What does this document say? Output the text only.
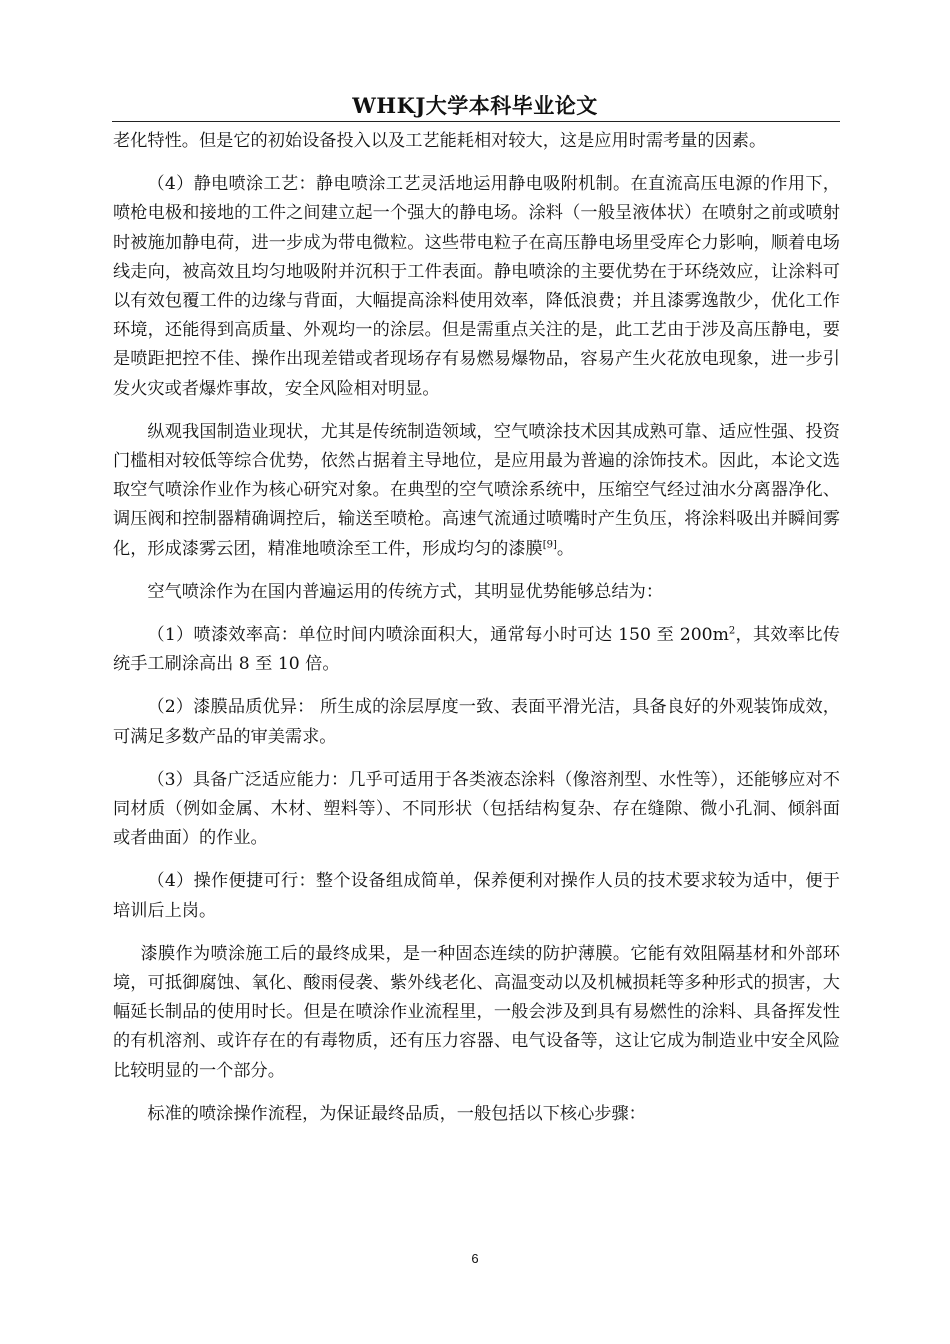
WHKJ大学本科毕业论文

老化特性。但是它的初始设备投入以及工艺能耗相对较大，这是应用时需考量的因素。

（4）静电喷涂工艺：静电喷涂工艺灵活地运用静电吸附机制。在直流高压电源的作用下，喷枪电极和接地的工件之间建立起一个强大的静电场。涂料（一般呈液体状）在喷射之前或喷射时被施加静电荷，进一步成为带电微粒。这些带电粒子在高压静电场里受库仑力影响，顺着电场线走向，被高效且均匀地吸附并沉积于工件表面。静电喷涂的主要优势在于环绕效应，让涂料可以有效包覆工件的边缘与背面，大幅提高涂料使用效率，降低浪费；并且漆雾逸散少，优化工作环境，还能得到高质量、外观均一的涂层。但是需重点关注的是，此工艺由于涉及高压静电，要是喷距把控不佳、操作出现差错或者现场存有易燃易爆物品，容易产生火花放电现象，进一步引发火灾或者爆炸事故，安全风险相对明显。

纵观我国制造业现状，尤其是传统制造领域，空气喷涂技术因其成熟可靠、适应性强、投资门槛相对较低等综合优势，依然占据着主导地位，是应用最为普遍的涂饰技术。因此，本论文选取空气喷涂作业作为核心研究对象。在典型的空气喷涂系统中，压缩空气经过油水分离器净化、调压阀和控制器精确调控后，输送至喷枪。高速气流通过喷嘴时产生负压，将涂料吸出并瞬间雾化，形成漆雾云团，精准地喷涂至工件，形成均匀的漆膜[9]。

空气喷涂作为在国内普遍运用的传统方式，其明显优势能够总结为：

（1）喷漆效率高：单位时间内喷涂面积大，通常每小时可达 150 至 $200m^2$，其效率比传统手工刷涂高出 8 至 10 倍。

（2）漆膜品质优异： 所生成的涂层厚度一致、表面平滑光洁，具备良好的外观装饰成效，可满足多数产品的审美需求。

（3）具备广泛适应能力：几乎可适用于各类液态涂料（像溶剂型、水性等），还能够应对不同材质（例如金属、木材、塑料等）、不同形状（包括结构复杂、存在缝隙、微小孔洞、倾斜面或者曲面）的作业。

（4）操作便捷可行：整个设备组成简单，保养便利对操作人员的技术要求较为适中，便于培训后上岗。

漆膜作为喷涂施工后的最终成果，是一种固态连续的防护薄膜。它能有效阻隔基材和外部环境，可抵御腐蚀、氧化、酸雨侵袭、紫外线老化、高温变动以及机械损耗等多种形式的损害，大幅延长制品的使用时长。但是在喷涂作业流程里，一般会涉及到具有易燃性的涂料、具备挥发性的有机溶剂、或许存在的有毒物质，还有压力容器、电气设备等，这让它成为制造业中安全风险比较明显的一个部分。

标准的喷涂操作流程，为保证最终品质，一般包括以下核心步骤：

6
